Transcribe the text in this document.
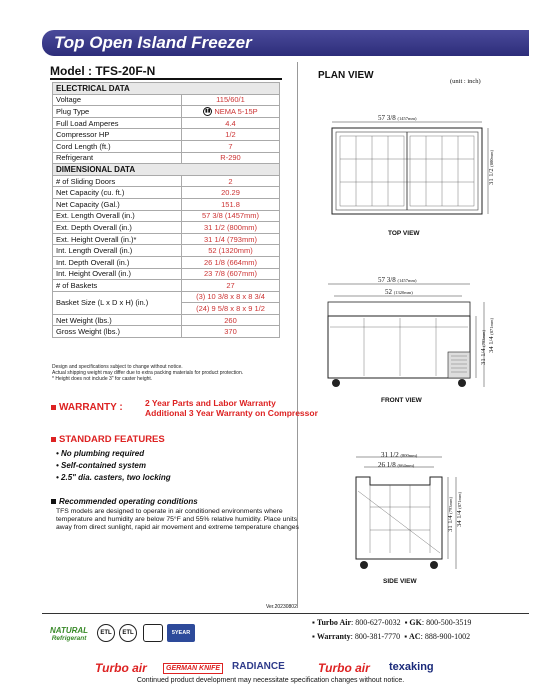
Top Open Island Freezer
Model : TFS-20F-N
ELECTRICAL DATA	
Voltage	115/60/1
Plug Type	▮▮ NEMA 5-15P
Full Load Amperes	4.4
Compressor HP	1/2
Cord Length (ft.)	7
Refrigerant	R-290
DIMENSIONAL DATA	
# of Sliding Doors	2
Net Capacity (cu. ft.)	20.29
Net Capacity (Gal.)	151.8
Ext. Length Overall (in.)	57 3/8 (1457mm)
Ext. Depth Overall (in.)	31 1/2 (800mm)
Ext. Height Overall (in.)*	31 1/4 (793mm)
Int. Length Overall (in.)	52 (1320mm)
Int. Depth Overall (in.)	26 1/8 (664mm)
Int. Height Overall (in.)	23 7/8 (607mm)
# of Baskets	27
Basket Size (L x D x H) (in.)	(3) 10 3/8 x 8 x 8 3/4
	(24) 9 5/8 x 8 x 9 1/2
Net Weight (lbs.)	260
Gross Weight (lbs.)	370
Design and specifications subject to change without notice.
Actual shipping weight may differ due to extra packing materials for product protection.
* Height does not include 3" for caster height.
WARRANTY :	2 Year Parts and Labor Warranty
Additional 3 Year Warranty on Compressor
STANDARD FEATURES
• No plumbing required
• Self-contained system
• 2.5" dia. casters, two locking
Recommended operating conditions
TFS models are designed to operate in air conditioned environments where temperature and humidity are below 75°F and 55% relative humidity. Place units away from direct sunlight, rapid air movement and extreme temperature changes
PLAN VIEW
(unit : inch)
57 3/8 (1457mm)
31 1/2 (800mm)
TOP VIEW
57 3/8 (1457mm)
52 (1320mm)
31 1/4 (793mm) 34 1/4 (871mm)
FRONT VIEW
31 1/2 (800mm)
26 1/8 (664mm)
31 1/4 (793mm)
34 1/4 (871mm)
SIDE VIEW
Ver.20230802
NATURAL
Refrigerant
ETL	ETL	5YEAR
▪ Turbo Air: 800-627-0032  ▪ GK: 800-500-3519
▪ Warranty: 800-381-7770  ▪ AC: 888-900-1002
Turbo air	GERMAN KNIFE	RADIANCE	Turbo air texaking
Continued product development may necessitate specification changes without notice.
